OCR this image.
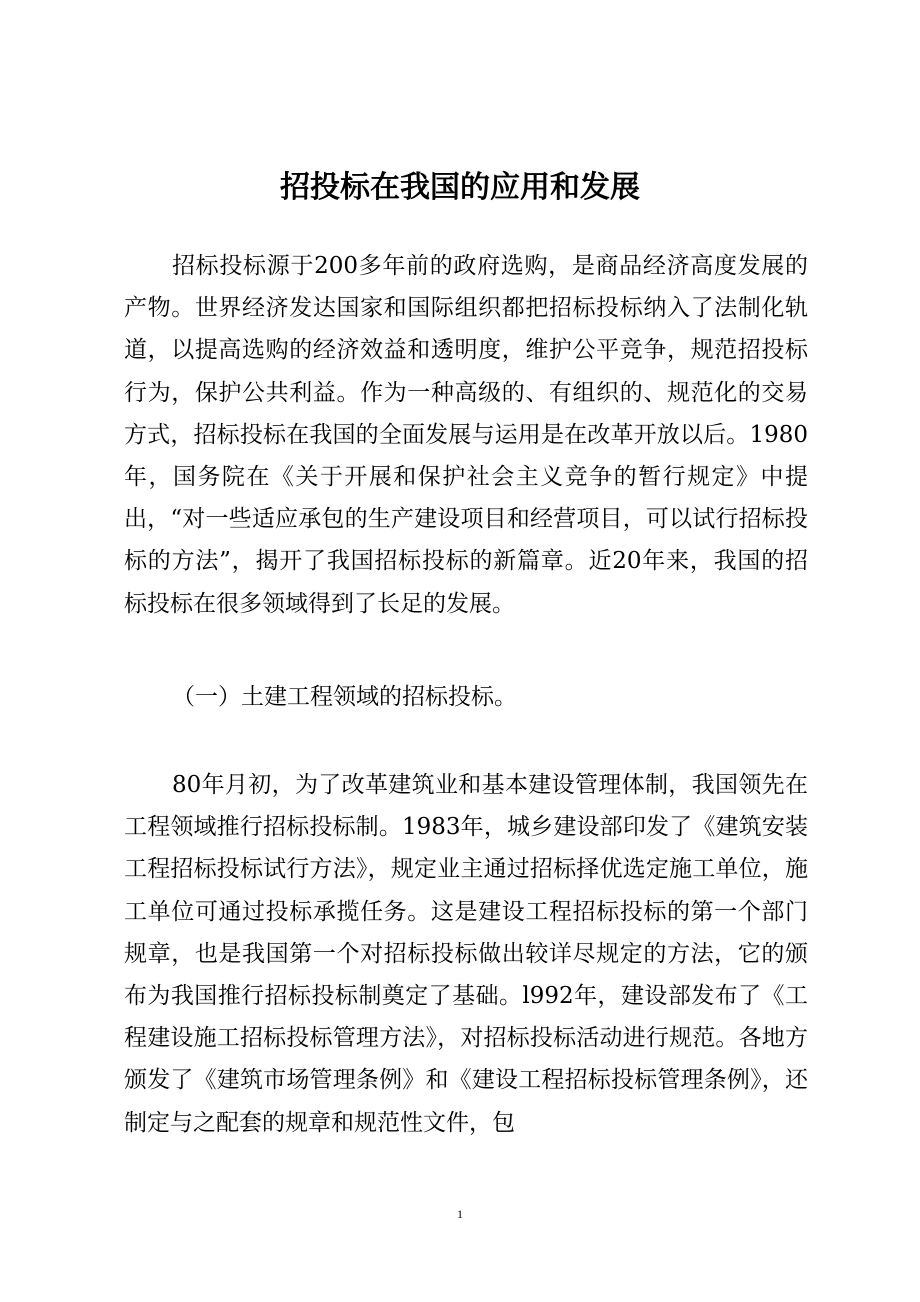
招投标在我国的应用和发展

招标投标源于200多年前的政府选购，是商品经济高度发展的产物。世界经济发达国家和国际组织都把招标投标纳入了法制化轨道，以提高选购的经济效益和透明度，维护公平竞争，规范招投标行为，保护公共利益。作为一种高级的、有组织的、规范化的交易方式，招标投标在我国的全面发展与运用是在改革开放以后。1980年，国务院在《关于开展和保护社会主义竞争的暂行规定》中提出，“对一些适应承包的生产建设项目和经营项目，可以试行招标投标的方法”，揭开了我国招标投标的新篇章。近20年来，我国的招标投标在很多领域得到了长足的发展。

（一）土建工程领域的招标投标。

80年月初，为了改革建筑业和基本建设管理体制，我国领先在工程领域推行招标投标制。1983年，城乡建设部印发了《建筑安装工程招标投标试行方法》，规定业主通过招标择优选定施工单位，施工单位可通过投标承揽任务。这是建设工程招标投标的第一个部门规章，也是我国第一个对招标投标做出较详尽规定的方法，它的颁布为我国推行招标投标制奠定了基础。l992年，建设部发布了《工程建设施工招标投标管理方法》，对招标投标活动进行规范。各地方颁发了《建筑市场管理条例》和《建设工程招标投标管理条例》，还制定与之配套的规章和规范性文件，包

1
